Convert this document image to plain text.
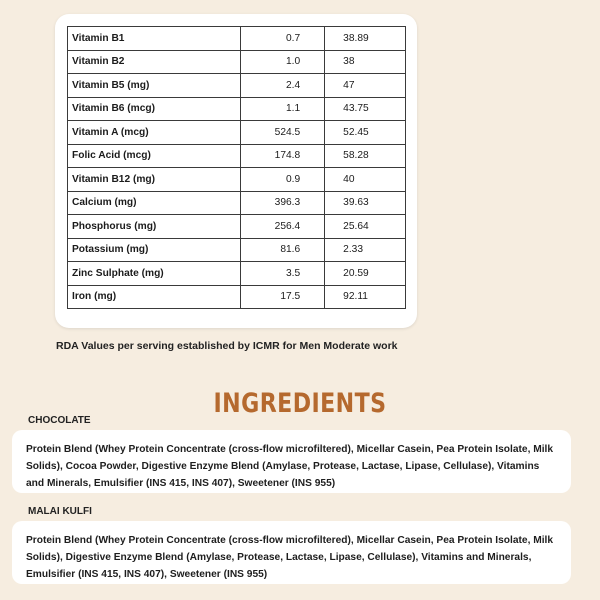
Vitamin B1	0.7	38.89
Vitamin B2	1.0	38
Vitamin B5 (mg)	2.4	47
Vitamin B6 (mcg)	1.1	43.75
Vitamin A (mcg)	524.5	52.45
Folic Acid (mcg)	174.8	58.28
Vitamin B12 (mg)	0.9	40
Calcium (mg)	396.3	39.63
Phosphorus (mg)	256.4	25.64
Potassium (mg)	81.6	2.33
Zinc Sulphate (mg)	3.5	20.59
Iron (mg)	17.5	92.11
RDA Values per serving established by ICMR for Men Moderate work
INGREDIENTS
CHOCOLATE
Protein Blend (Whey Protein Concentrate (cross-flow microfiltered), Micellar Casein, Pea Protein Isolate, Milk Solids), Cocoa Powder, Digestive Enzyme Blend (Amylase, Protease, Lactase, Lipase, Cellulase), Vitamins and Minerals, Emulsifier (INS 415, INS 407), Sweetener (INS 955)
MALAI KULFI
Protein Blend (Whey Protein Concentrate (cross-flow microfiltered), Micellar Casein, Pea Protein Isolate, Milk Solids), Digestive Enzyme Blend (Amylase, Protease, Lactase, Lipase, Cellulase), Vitamins and Minerals, Emulsifier (INS 415, INS 407), Sweetener (INS 955)
